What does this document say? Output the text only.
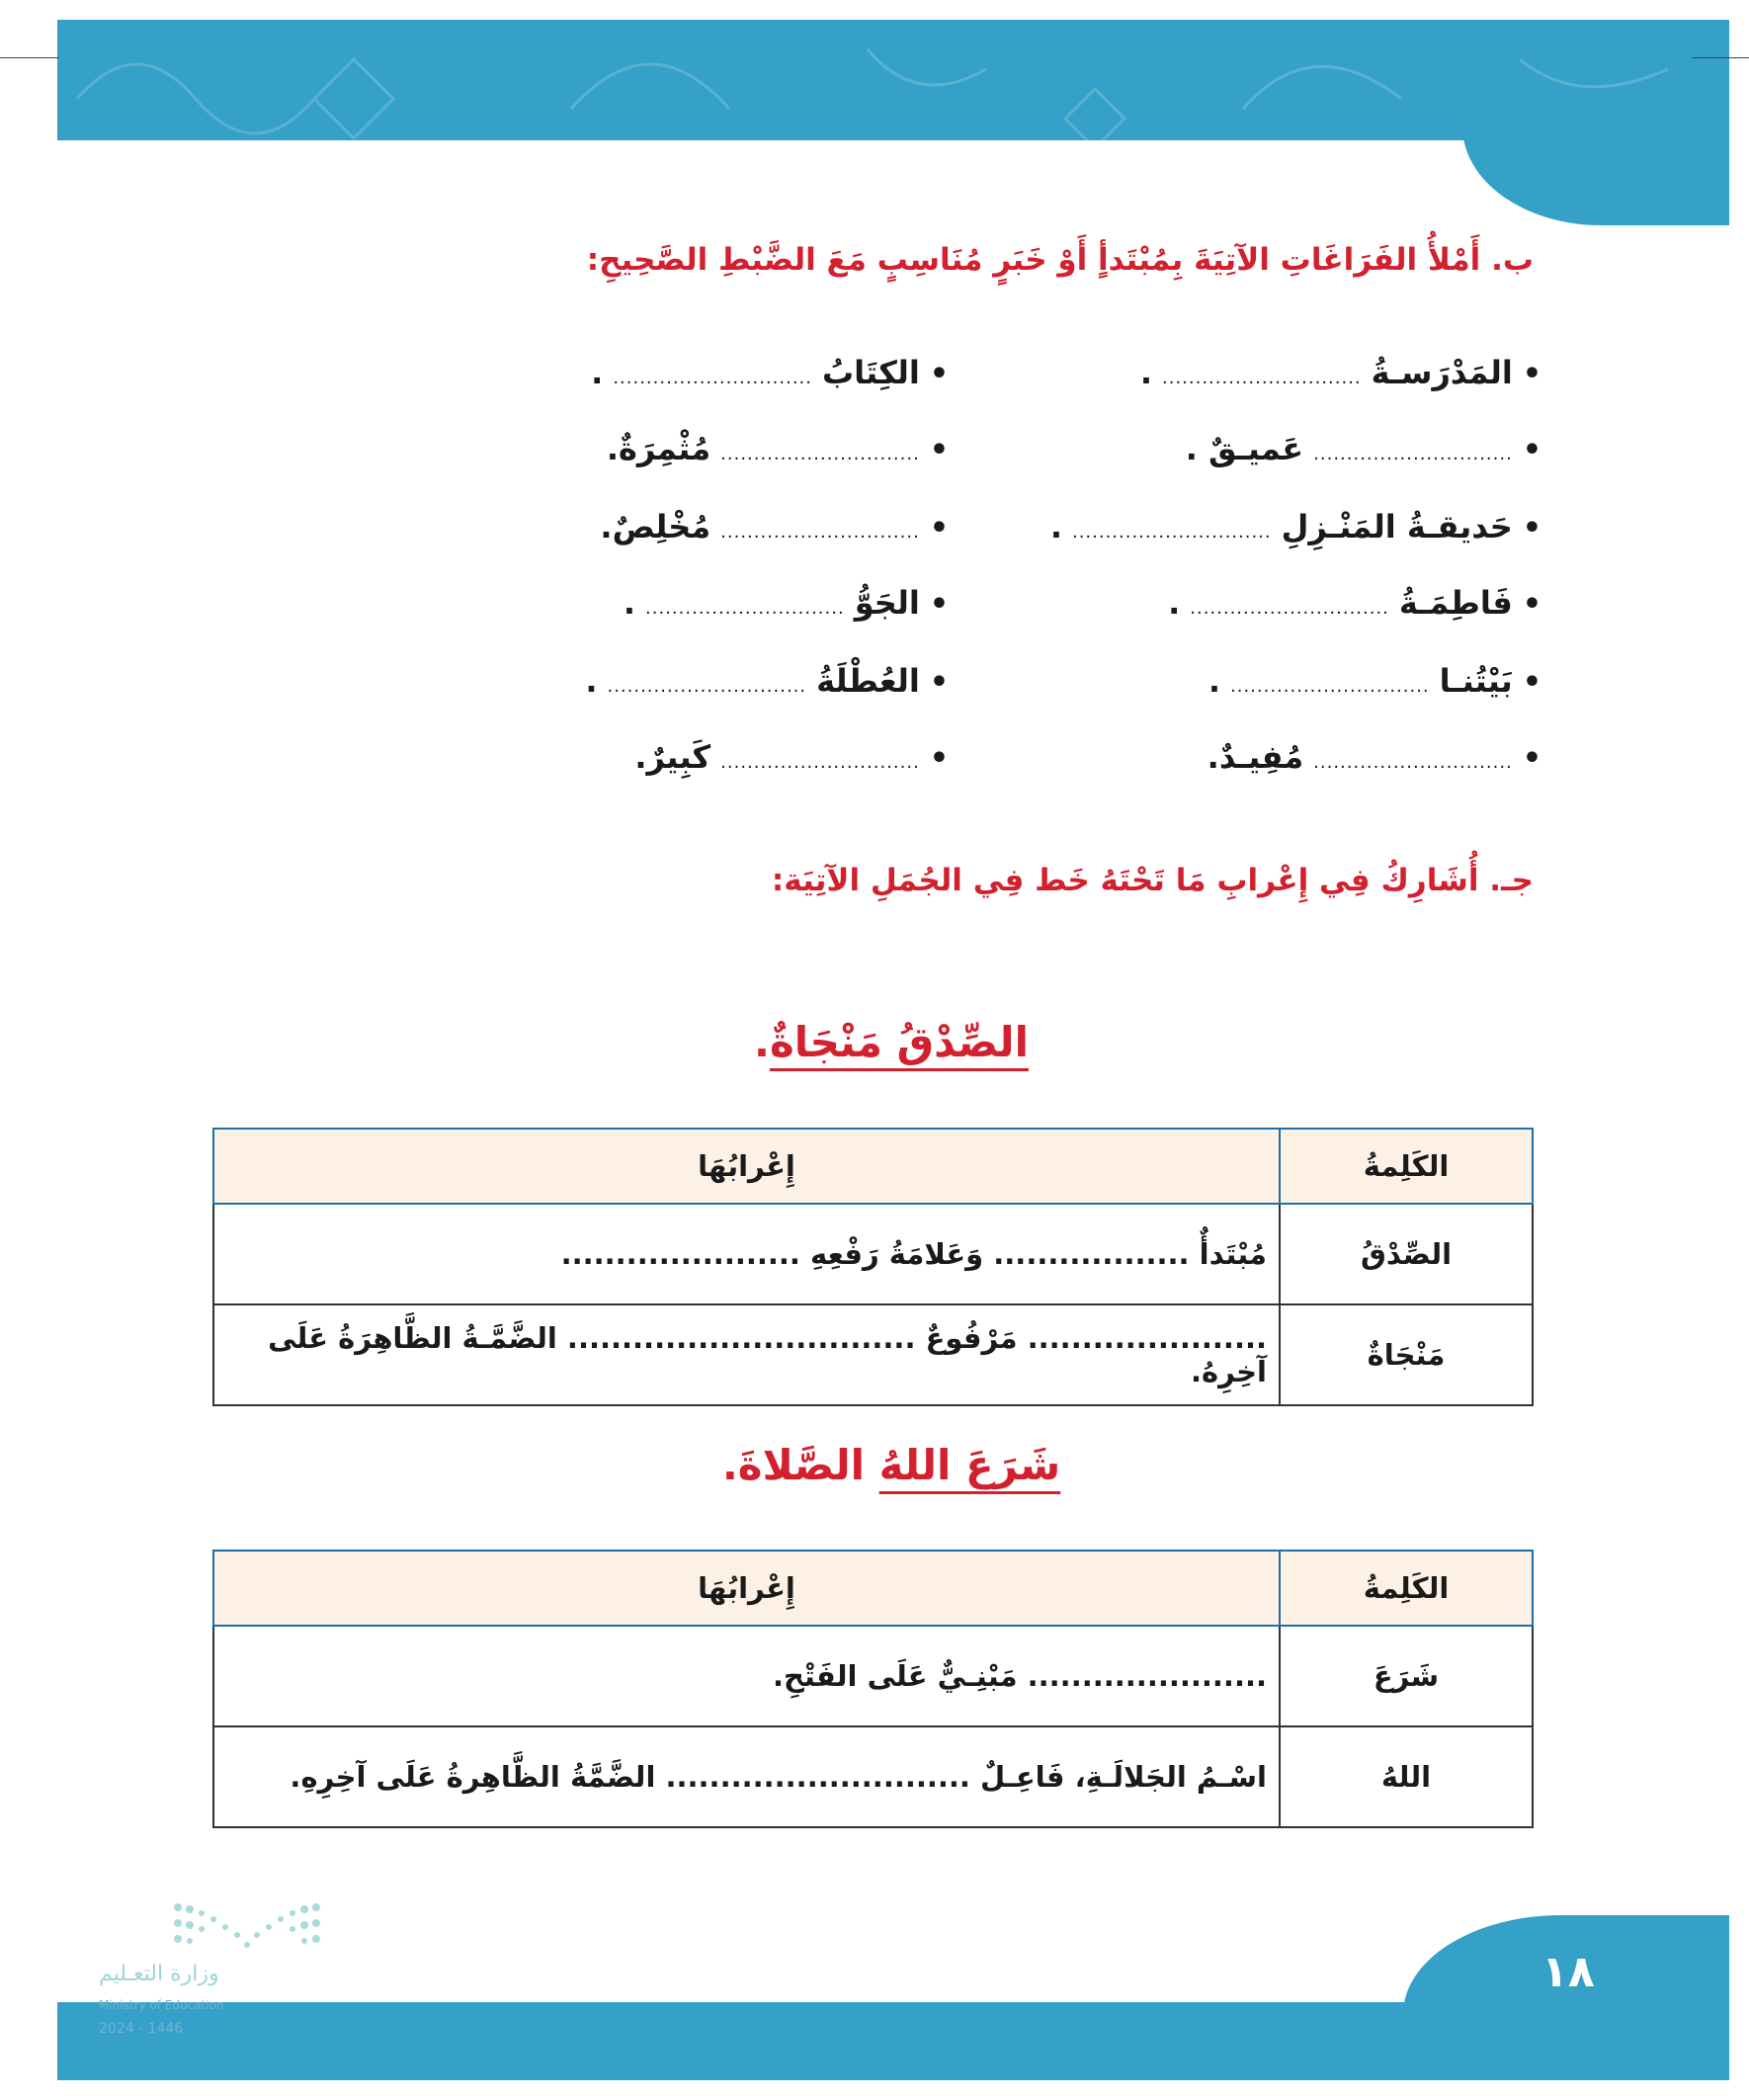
ب. أَمْلأُ الفَرَاغَاتِ الآتِيَةَ بِمُبْتَدأٍ أَوْ خَبَرٍ مُنَاسِبٍ مَعَ الضَّبْطِ الصَّحِيحِ:
•
المَدْرَسـةُ
..............................
.
•
..............................
عَميـقٌ .
•
حَديقـةُ المَنْـزِلِ
..............................
.
•
فَاطِمَـةُ
..............................
.
•
بَيْتُنـا
..............................
.
•
..............................
مُفِيـدٌ.
•
الكِتَابُ
..............................
.
•
..............................
مُثْمِرَةٌ.
•
..............................
مُخْلِصٌ.
•
الجَوُّ
..............................
.
•
العُطْلَةُ
..............................
.
•
..............................
كَبِيرٌ.
جـ. أُشَارِكُ فِي إِعْرابِ مَا تَحْتَهُ خَط فِي الجُمَلِ الآتِيَة:
الصِّدْقُ مَنْجَاةٌ.
الكَلِمةُ	إِعْرابُهَا
الصِّدْقُ	مُبْتَدأٌ .................. وَعَلامَةُ رَفْعِهِ ......................
مَنْجَاةٌ	...................... مَرْفُوعٌ ................................ الضَّمَّـةُ الظَّاهِرَةُ عَلَى آخِرِهُ.
شَرَعَ اللهُ الصَّلاةَ.
الكَلِمةُ	إِعْرابُهَا
شَرَعَ	...................... مَبْنِـيٌّ عَلَى الفَتْحِ.
اللهُ	اسْـمُ الجَلالَـةِ، فَاعِـلٌ ............................ الضَّمَّةُ الظَّاهِرةُ عَلَى آخِرِهِ.
وزارة التعـليم
Ministry of Education
2024 - 1446
١٨
